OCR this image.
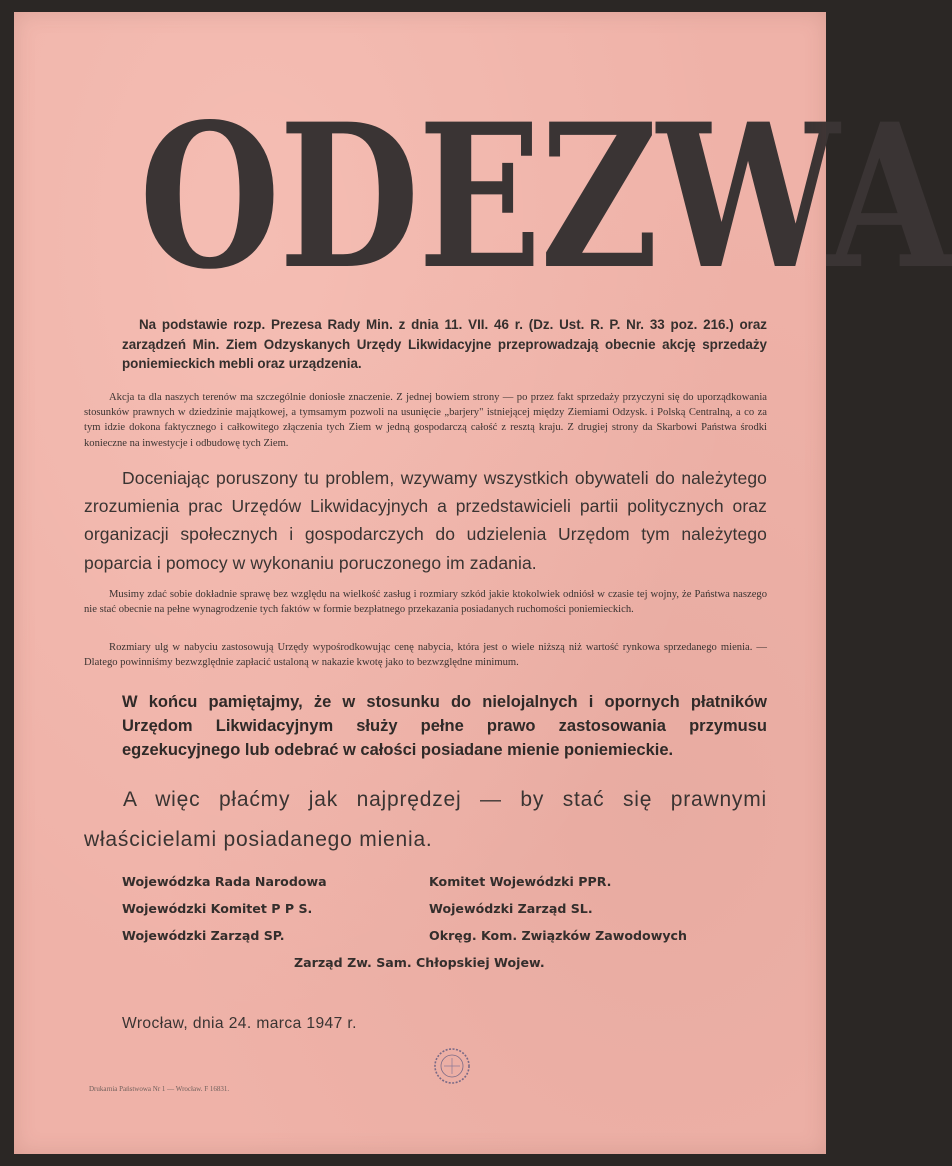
ODEZWA

Na podstawie rozp. Prezesa Rady Min. z dnia 11. VII. 46 r. (Dz. Ust. R. P. Nr. 33 poz. 216.) oraz zarządzeń Min. Ziem Odzyskanych Urzędy Likwidacyjne przeprowadzają obecnie akcję sprzedaży poniemieckich mebli oraz urządzenia.

Akcja ta dla naszych terenów ma szczególnie doniosłe znaczenie. Z jednej bowiem strony — po przez fakt sprzedaży przyczyni się do uporządkowania stosunków prawnych w dziedzinie majątkowej, a tymsamym pozwoli na usunięcie „barjery" istniejącej między Ziemiami Odzysk. i Polską Centralną, a co za tym idzie dokona faktycznego i całkowitego złączenia tych Ziem w jedną gospodarczą całość z resztą kraju. Z drugiej strony da Skarbowi Państwa środki konieczne na inwestycje i odbudowę tych Ziem.

Doceniając poruszony tu problem, wzywamy wszystkich obywateli do należytego zrozumienia prac Urzędów Likwidacyjnych a przedstawicieli partii politycznych oraz organizacji społecznych i gospodarczych do udzielenia Urzędom tym należytego poparcia i pomocy w wykonaniu poruczonego im zadania.

Musimy zdać sobie dokładnie sprawę bez względu na wielkość zasług i rozmiary szkód jakie ktokolwiek odniósł w czasie tej wojny, że Państwa naszego nie stać obecnie na pełne wynagrodzenie tych faktów w formie bezpłatnego przekazania posiadanych ruchomości poniemieckich.

Rozmiary ulg w nabyciu zastosowują Urzędy wypośrodkowując cenę nabycia, która jest o wiele niższą niż wartość rynkowa sprzedanego mienia. — Dlatego powinniśmy bezwzględnie zapłacić ustaloną w nakazie kwotę jako to bezwzględne minimum.

W końcu pamiętajmy, że w stosunku do nielojalnych i opornych płatników Urzędom Likwidacyjnym służy pełne prawo zastosowania przymusu egzekucyjnego lub odebrać w całości posiadane mienie poniemieckie.

A więc płaćmy jak najprędzej — by stać się prawnymi właścicielami posiadanego mienia.

Wojewódzka Rada Narodowa

Wojewódzki Komitet P P S.

Wojewódzki Zarząd SP.

Komitet Wojewódzki PPR.

Wojewódzki Zarząd SL.

Okręg. Kom. Związków Zawodowych

Zarząd Zw. Sam. Chłopskiej Wojew.

Wrocław, dnia 24. marca 1947 r.

Drukarnia Państwowa Nr 1 — Wrocław. F 16831.
